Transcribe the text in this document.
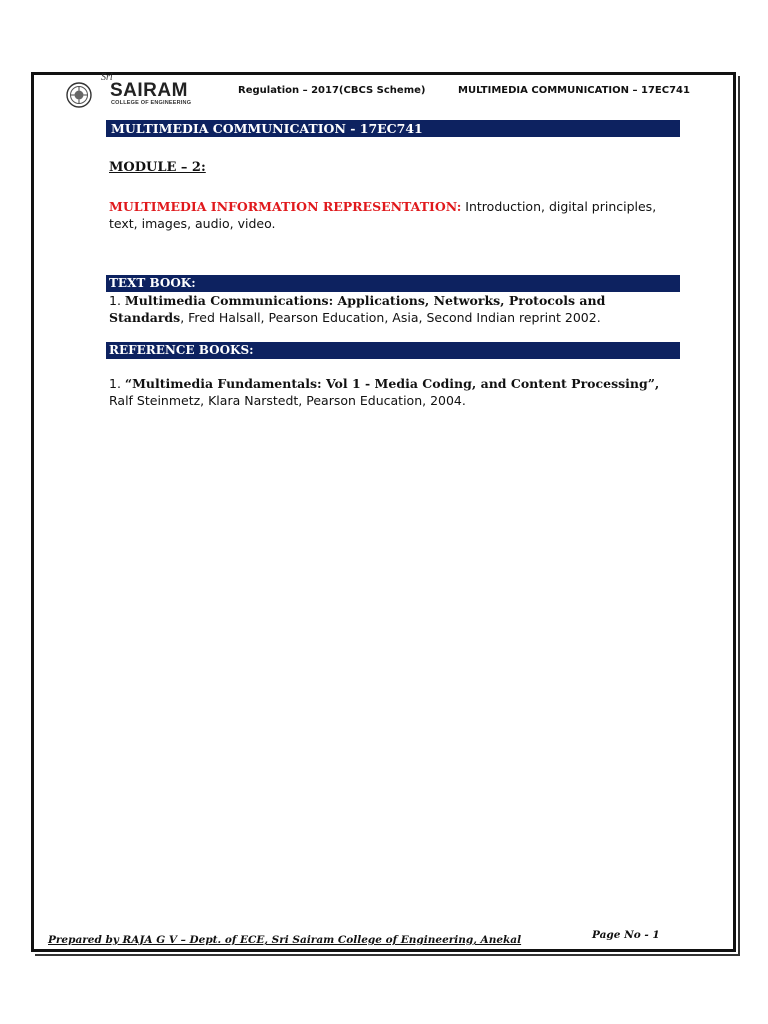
Sri
SAIRAM
COLLEGE OF ENGINEERING
Regulation – 2017(CBCS Scheme)	MULTIMEDIA COMMUNICATION – 17EC741
MULTIMEDIA COMMUNICATION - 17EC741
MODULE – 2:
MULTIMEDIA INFORMATION REPRESENTATION: Introduction, digital principles, text, images, audio, video.
TEXT BOOK:
1. Multimedia Communications: Applications, Networks, Protocols and Standards, Fred Halsall, Pearson Education, Asia, Second Indian reprint 2002.
REFERENCE BOOKS:
1. “Multimedia Fundamentals: Vol 1 - Media Coding, and Content Processing”,
Ralf Steinmetz, Klara Narstedt, Pearson Education, 2004.
Page No - 1
Prepared by RAJA G V – Dept. of ECE, Sri Sairam College of Engineering, Anekal
